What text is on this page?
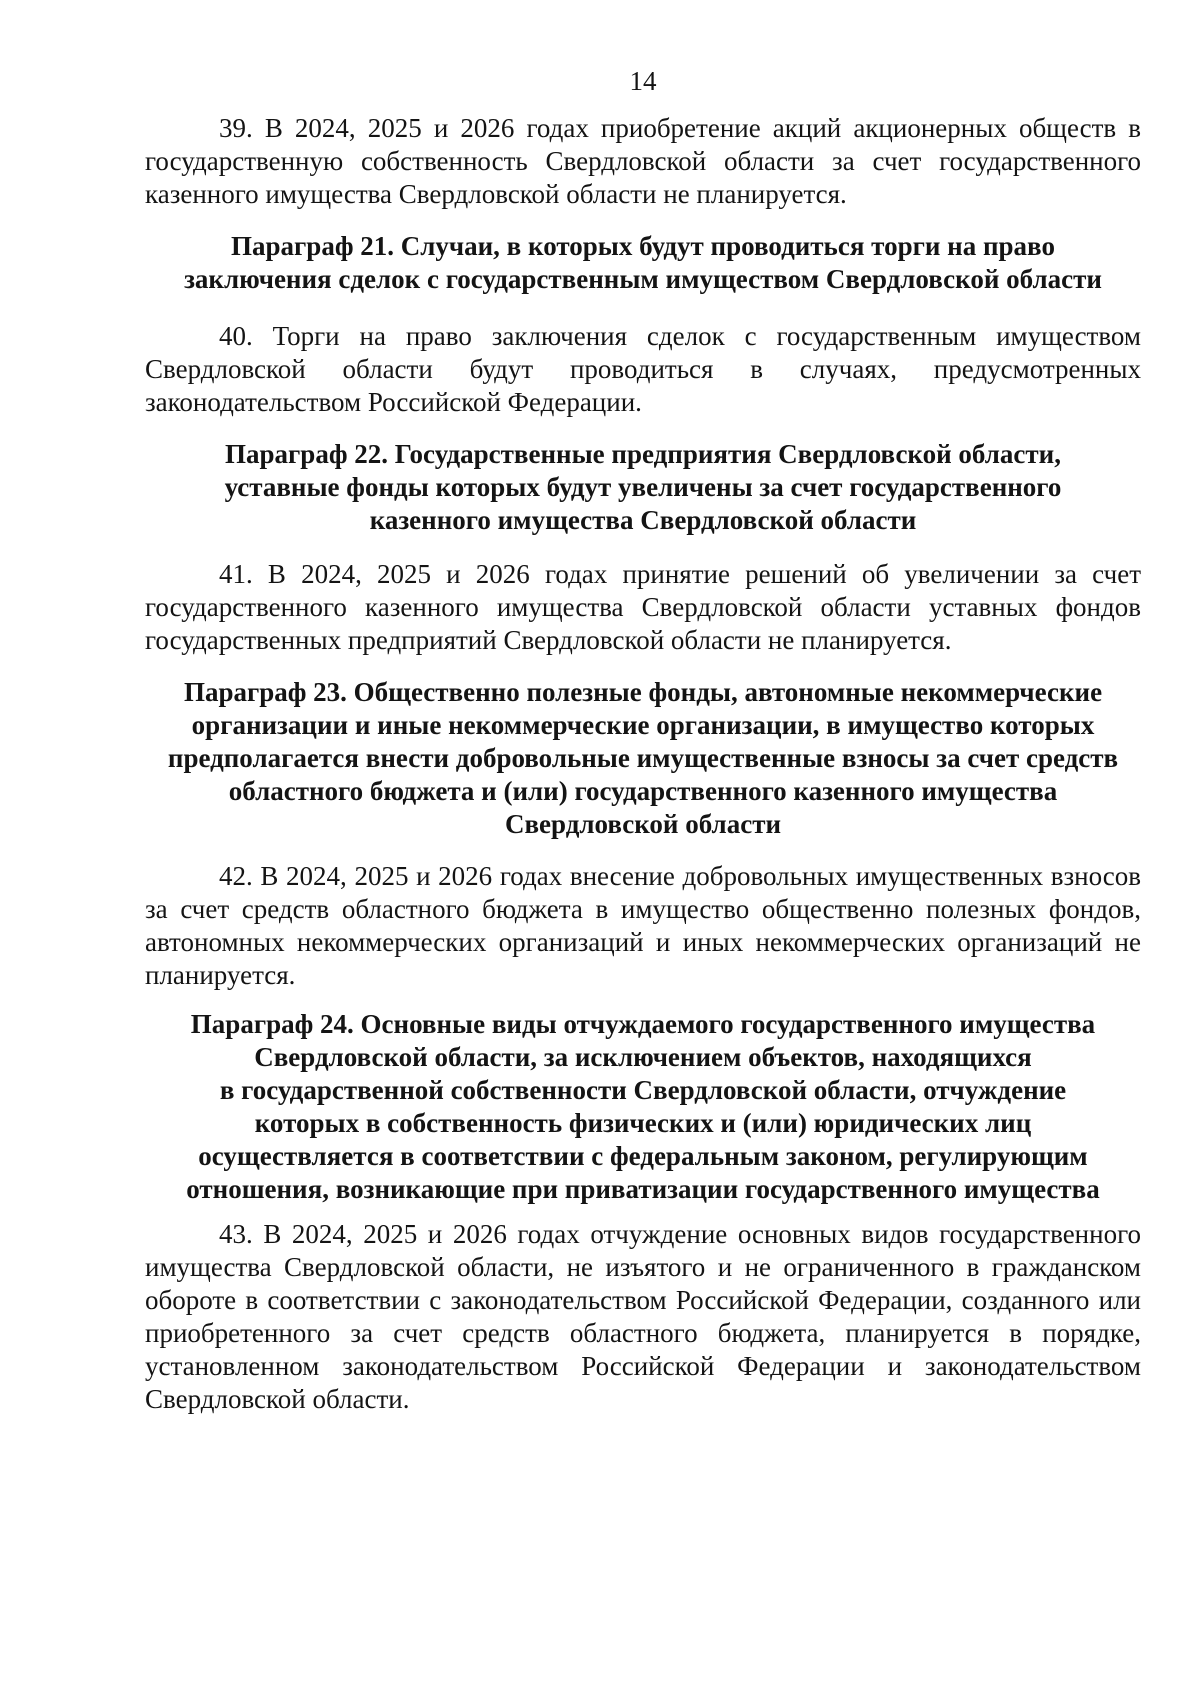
14
39. В 2024, 2025 и 2026 годах приобретение акций акционерных обществ в государственную собственность Свердловской области за счет государственного казенного имущества Свердловской области не планируется.
Параграф 21. Случаи, в которых будут проводиться торги на право
заключения сделок с государственным имуществом Свердловской области
40. Торги на право заключения сделок с государственным имуществом Свердловской области будут проводиться в случаях, предусмотренных законодательством Российской Федерации.
Параграф 22. Государственные предприятия Свердловской области,
уставные фонды которых будут увеличены за счет государственного
казенного имущества Свердловской области
41. В 2024, 2025 и 2026 годах принятие решений об увеличении за счет государственного казенного имущества Свердловской области уставных фондов государственных предприятий Свердловской области не планируется.
Параграф 23. Общественно полезные фонды, автономные некоммерческие
организации и иные некоммерческие организации, в имущество которых
предполагается внести добровольные имущественные взносы за счет средств
областного бюджета и (или) государственного казенного имущества
Свердловской области
42. В 2024, 2025 и 2026 годах внесение добровольных имущественных взносов за счет средств областного бюджета в имущество общественно полезных фондов, автономных некоммерческих организаций и иных некоммерческих организаций не планируется.
Параграф 24. Основные виды отчуждаемого государственного имущества
Свердловской области, за исключением объектов, находящихся
в государственной собственности Свердловской области, отчуждение
которых в собственность физических и (или) юридических лиц
осуществляется в соответствии с федеральным законом, регулирующим
отношения, возникающие при приватизации государственного имущества
43. В 2024, 2025 и 2026 годах отчуждение основных видов государственного имущества Свердловской области, не изъятого и не ограниченного в гражданском обороте в соответствии с законодательством Российской Федерации, созданного или приобретенного за счет средств областного бюджета, планируется в порядке, установленном законодательством Российской Федерации и законодательством Свердловской области.
